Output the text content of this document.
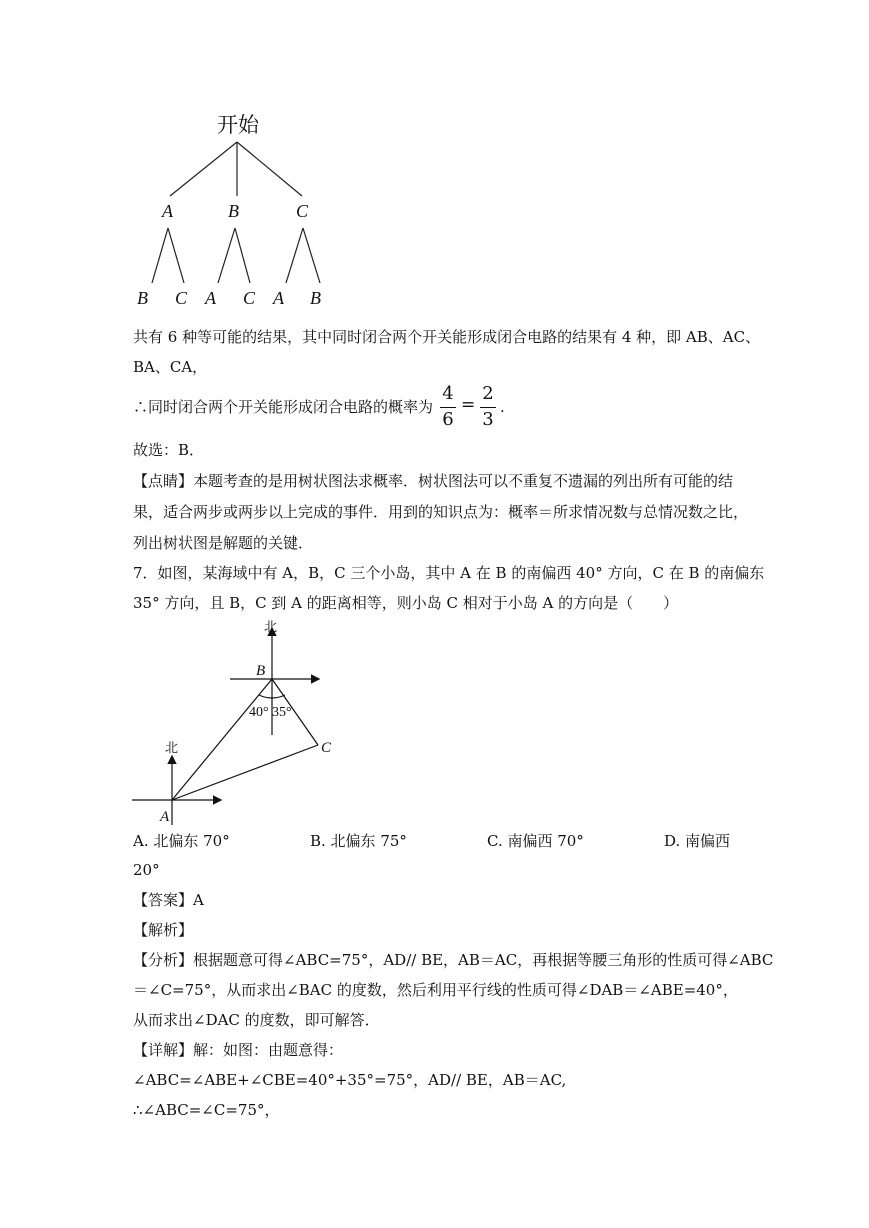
开始
A	B	C
B C A C A B
共有 6 种等可能的结果，其中同时闭合两个开关能形成闭合电路的结果有 4 种，即 AB、AC、
BA、CA，
∴同时闭合两个开关能形成闭合电路的概率为
4
6
=
2
3
.
故选：B．
【点睛】本题考查的是用树状图法求概率．树状图法可以不重复不遗漏的列出所有可能的结
果，适合两步或两步以上完成的事件．用到的知识点为：概率＝所求情况数与总情况数之比，
列出树状图是解题的关键．
7．如图，某海域中有 A，B，C 三个小岛，其中 A 在 B 的南偏西 40° 方向，C 在 B 的南偏东
35° 方向，且 B，C 到 A 的距离相等，则小岛 C 相对于小岛 A 的方向是（　　）
北
B
40° 35°
C
北
A
A. 北偏东 70°	B. 北偏东 75°	C. 南偏西 70°	D. 南偏西
20°
【答案】A
【解析】
【分析】根据题意可得∠ABC=75°，AD// BE，AB＝AC，再根据等腰三角形的性质可得∠ABC
＝∠C=75°，从而求出∠BAC 的度数，然后利用平行线的性质可得∠DAB＝∠ABE=40°，
从而求出∠DAC 的度数，即可解答．
【详解】解：如图：由题意得：
∠ABC=∠ABE+∠CBE=40°+35°=75°，AD// BE，AB＝AC,
∴∠ABC=∠C=75°，
